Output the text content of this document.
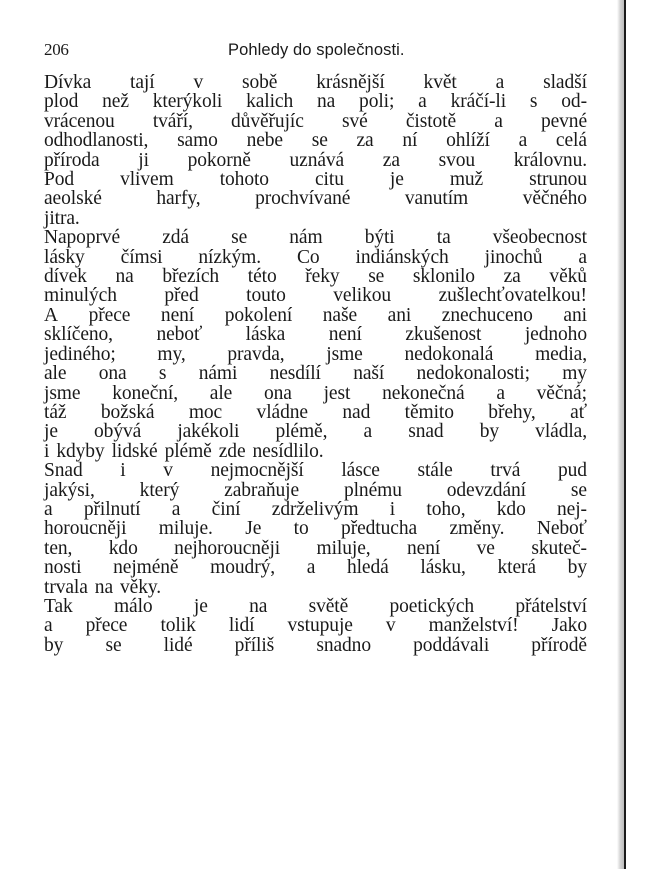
206	Pohledy do společnosti.
Dívka tají v sobě krásnější květ a sladší
plod než kterýkoli kalich na poli; a kráčí-li s od-
vrácenou tváří, důvěřujíc své čistotě a pevné
odhodlanosti, samo nebe se za ní ohlíží a celá
příroda ji pokorně uznává za svou královnu.
Pod vlivem tohoto citu je muž strunou
aeolské	harfy,	prochvívané	vanutím	věčného
jitra.
Napoprvé zdá se nám býti ta všeobecnost
lásky čímsi nízkým. Co indiánských jinochů a
dívek na březích této řeky se sklonilo za věků
minulých před touto velikou zušlechťovatelkou!
A přece není pokolení naše ani znechuceno ani
sklíčeno, neboť láska není zkušenost jednoho
jediného; my, pravda, jsme nedokonalá media,
ale ona s námi nesdílí naší nedokonalosti; my
jsme koneční, ale ona jest nekonečná a věčná;
táž božská moc vládne nad těmito břehy, ať
je obývá jakékoli plémě, a snad by vládla,
i kdyby lidské plémě zde nesídlilo.
Snad i v nejmocnější lásce stále trvá pud
jakýsi, který zabraňuje plnému odevzdání se
a přilnutí a činí zdrželivým i toho, kdo nej-
horoucněji miluje. Je to předtucha změny. Neboť
ten, kdo nejhoroucněji miluje, není ve skuteč-
nosti nejméně moudrý, a hledá lásku, která by
trvala na věky.
Tak málo je na světě poetických přátelství
a přece tolik lidí vstupuje v manželství! Jako
by se lidé příliš snadno poddávali přírodě
